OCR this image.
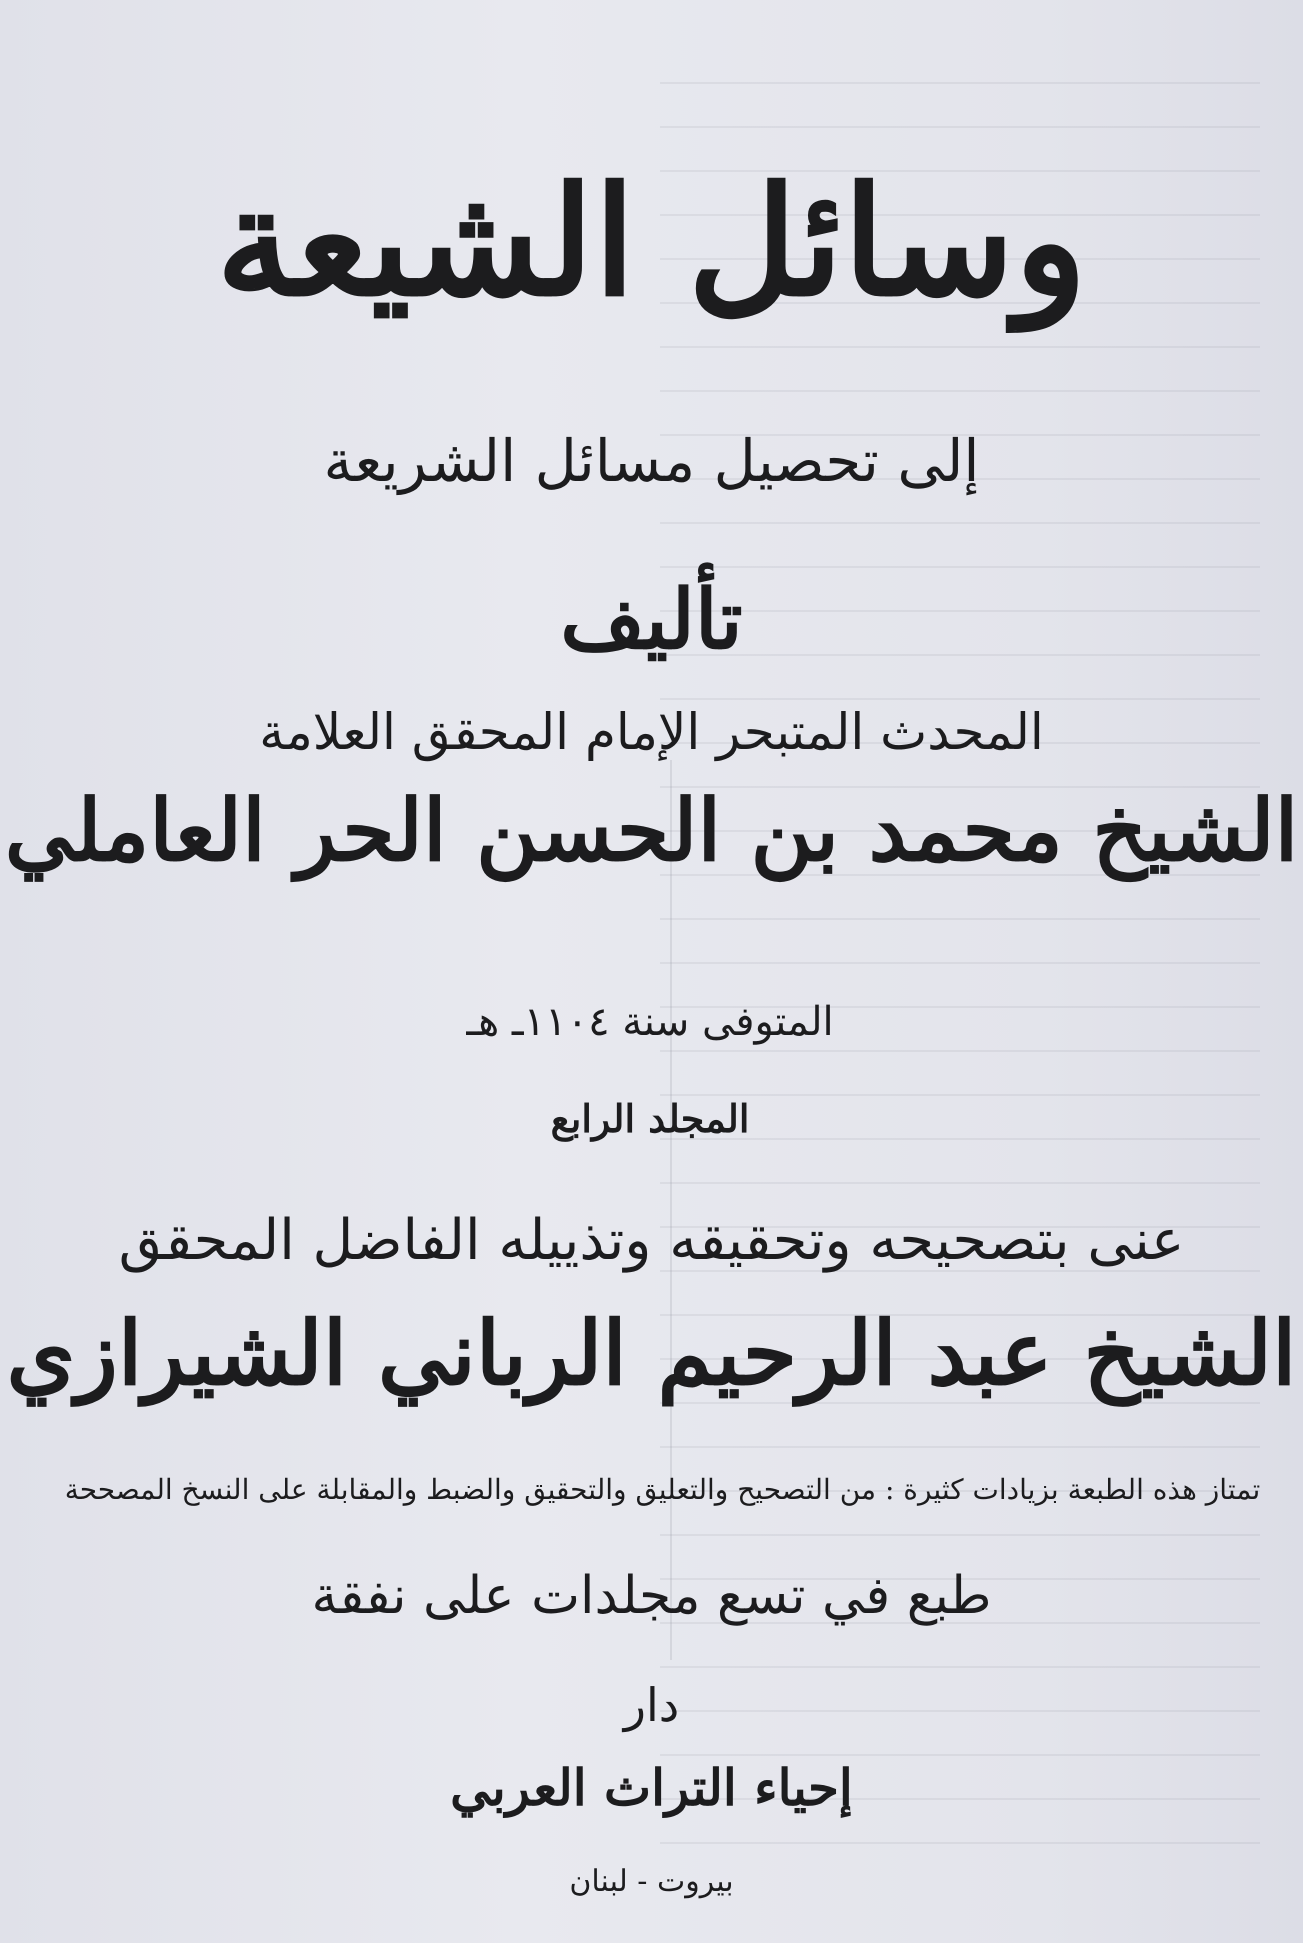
وسائل الشيعة
إلى تحصيل مسائل الشريعة
تأليف
المحدث المتبحر الإمام المحقق العلامة
الشيخ محمد بن الحسن الحر العاملي
المتوفى سنة ١١٠٤ـ هـ
المجلد الرابع
عنى بتصحيحه وتحقيقه وتذييله الفاضل المحقق
الشيخ عبد الرحيم الرباني الشيرازي
تمتاز هذه الطبعة بزيادات كثيرة : من التصحيح والتعليق والتحقيق والضبط والمقابلة على النسخ المصححة
طبع في تسع مجلدات على نفقة
دار
إحياء التراث العربي
بيروت - لبنان
